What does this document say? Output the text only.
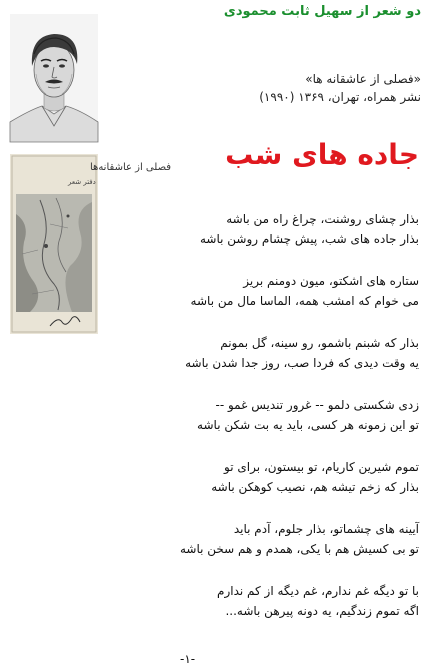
دو شعر از سهیل ثابت محمودی
فصلی از عاشقانه‌ها
دفتر شعر
«فصلی از عاشقانه ها»
نشر همراه، تهران، ۱۳۶۹ (۱۹۹۰)
جاده های شب
بذار چشای روشنت، چراغ راه من باشه
بذار جاده های شب، پیش چشام روشن باشه
ستاره های اشکتو، میون دومنم بریز
می خوام که امشب همه، الماسا مال من باشه
بذار که شبنم باشمو، رو سینه، گل بمونم
یه وقت دیدی که فردا صب، روز جدا شدن باشه
زدی شکستی دلمو -- غرور تندیس غمو --
تو این زمونه هر کسی، باید یه بت شکن باشه
تموم شیرین کاریام، تو بیستون، برای تو
بذار که زخم تیشه هم، نصیب کوهکن باشه
آیینه های چشماتو، بذار جلوم، آدم باید
تو بی کسیش هم با یکی، همدم و هم سخن باشه
با تو دیگه غم ندارم، غم دیگه از کم ندارم
اگه تموم زندگیم، یه دونه پیرهن باشه...
-۱-
